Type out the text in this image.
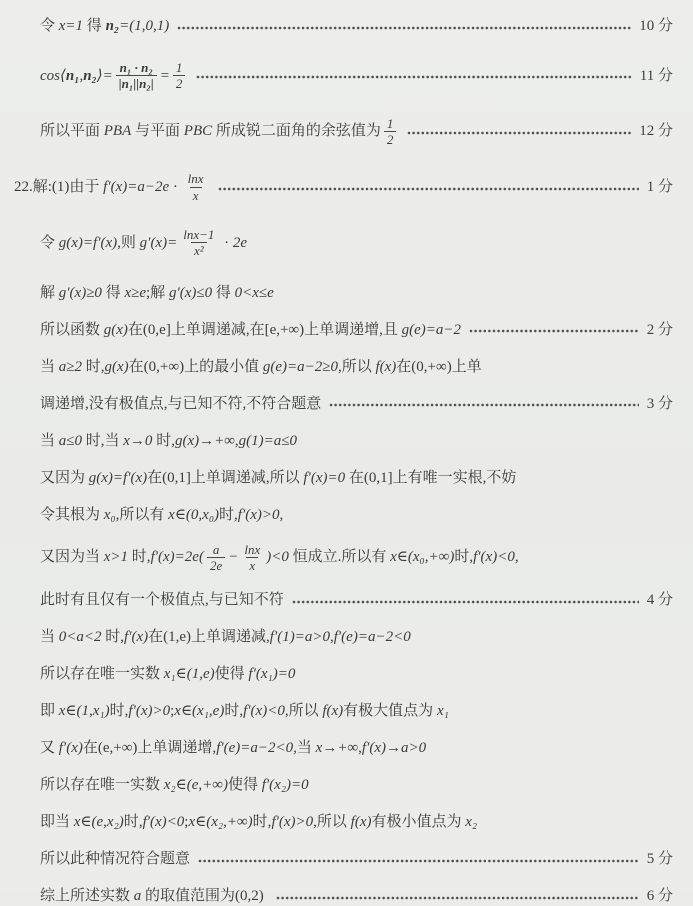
令 x=1 得 n₂ =(1,0,1)	10 分
cos⟨ n₁ , n₂ ⟩= $\frac{\text{n₁ · n₂}}{\text{|n₁||n₂|}} = \frac{1}{2}$	11 分
所以平面 PBA 与平面 PBC 所成锐二面角的余弦值为 $\frac{1}{2}$	12 分
22.解:(1)由于 $f'(x)=a-2e \cdot \frac{\ln x}{x}$	1 分
令 g(x)=f′(x) ,则 $g'(x)= \frac{\ln x-1}{\text{x²}} \cdot 2e$
解 g′(x)≥0 得 x≥e ;解 g′(x)≤0 得 0<x≤e
所以函数 g(x) 在(0,e]上单调递减,在[e,+∞)上单调递增,且 g(e)=a−2	2 分
当 a≥2 时, g(x) 在(0,+∞)上的最小值 g(e)=a−2≥0 ,所以 f(x) 在(0,+∞)上单
调递增,没有极值点,与已知不符,不符合题意	3 分
当 a≤0 时,当 x→0 时, g(x)→+∞ , g(1)=a≤0
又因为 g(x)=f′(x) 在(0,1]上单调递减,所以 f′(x)=0 在(0,1]上有唯一实根,不妨
令其根为 x₀ ,所以有 x∈(0,x₀) 时, f′(x)>0 ,
又因为当 x>1 时, $f'(x)=2e( \frac{a}{2e} - \frac{\ln x}{x} )<0$ 恒成立.所以有 x∈(x₀,+∞) 时, f′(x)<0 ,
此时有且仅有一个极值点,与已知不符	4 分
当 0<a<2 时, f′(x) 在(1,e)上单调递减, f′(1)=a>0 , f′(e)=a−2<0
所以存在唯一实数 x₁∈(1,e) 使得 f′(x₁)=0
即 x∈(1,x₁) 时, f′(x)>0 ; x∈(x₁,e) 时, f′(x)<0 ,所以 f(x) 有极大值点为 x₁
又 f′(x) 在(e,+∞)上单调递增, f′(e)=a−2<0 ,当 x→+∞ , f′(x)→a>0
所以存在唯一实数 x₂∈(e,+∞) 使得 f′(x₂)=0
即当 x∈(e,x₂) 时, f′(x)<0 ; x∈(x₂,+∞) 时, f′(x)>0 ,所以 f(x) 有极小值点为 x₂
所以此种情况符合题意	5 分
综上所述实数 a 的取值范围为(0,2)	6 分
